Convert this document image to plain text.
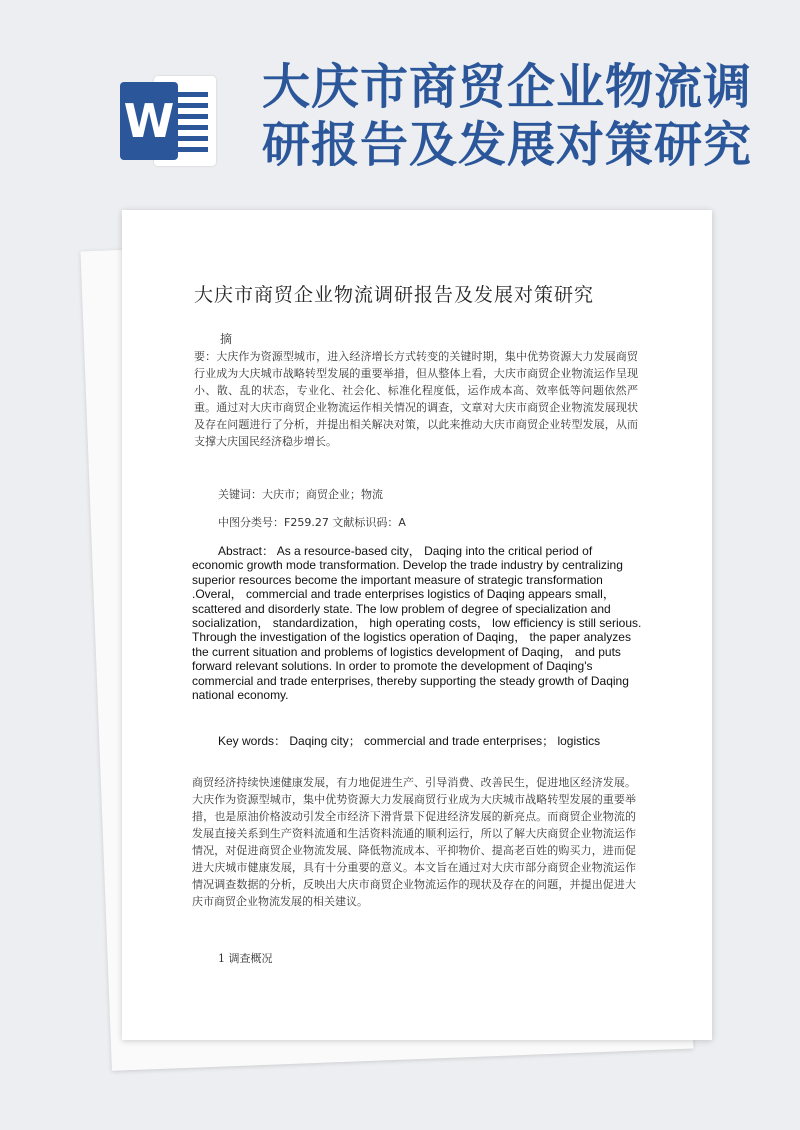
W
大庆市商贸企业物流调
研报告及发展对策研究
大庆市商贸企业物流调研报告及发展对策研究

摘

要：大庆作为资源型城市，进入经济增长方式转变的关键时期，集中优势资源大力发展商贸行业成为大庆城市战略转型发展的重要举措，但从整体上看，大庆市商贸企业物流运作呈现小、散、乱的状态，专业化、社会化、标准化程度低，运作成本高、效率低等问题依然严重。通过对大庆市商贸企业物流运作相关情况的调查，文章对大庆市商贸企业物流发展现状及存在问题进行了分析，并提出相关解决对策，以此来推动大庆市商贸企业转型发展，从而支撑大庆国民经济稳步增长。

关键词：大庆市；商贸企业；物流

中图分类号：F259.27 文献标识码：A

Abstract： As a resource-based city， Daqing into the critical period of economic growth mode transformation. Develop the trade industry by centralizing superior resources become the important measure of strategic transformation .Overal， commercial and trade enterprises logistics of Daqing appears small， scattered and disorderly state. The low problem of degree of specialization and socialization， standardization， high operating costs， low efficiency is still serious. Through the investigation of the logistics operation of Daqing， the paper analyzes the current situation and problems of logistics development of Daqing， and puts forward relevant solutions. In order to promote the development of Daqing's commercial and trade enterprises, thereby supporting the steady growth of Daqing national economy.

Key words： Daqing city； commercial and trade enterprises； logistics

商贸经济持续快速健康发展，有力地促进生产、引导消费、改善民生，促进地区经济发展。大庆作为资源型城市，集中优势资源大力发展商贸行业成为大庆城市战略转型发展的重要举措，也是原油价格波动引发全市经济下滑背景下促进经济发展的新亮点。而商贸企业物流的发展直接关系到生产资料流通和生活资料流通的顺利运行，所以了解大庆商贸企业物流运作情况，对促进商贸企业物流发展、降低物流成本、平抑物价、提高老百姓的购买力，进而促进大庆城市健康发展，具有十分重要的意义。本文旨在通过对大庆市部分商贸企业物流运作情况调查数据的分析，反映出大庆市商贸企业物流运作的现状及存在的问题，并提出促进大庆市商贸企业物流发展的相关建议。

1 调查概况
